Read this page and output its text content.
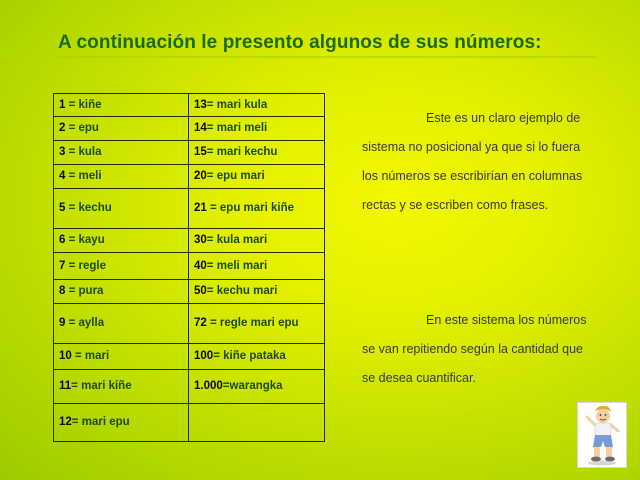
A continuación le presento algunos de sus números:
1 = kiñe	13= mari kula
2 = epu	14= mari meli
3 = kula	15= mari kechu
4 = meli	20= epu mari
5 = kechu	21 = epu mari kiñe
6 = kayu	30= kula mari
7 = regle	40= meli mari
8 = pura	50= kechu mari
9 = aylla	72 = regle mari epu
10 = mari	100= kiñe pataka
11= mari kiñe	1.000=warangka
12= mari epu	
Este es un claro ejemplo de sistema no posicional ya que si lo fuera los números se escribirían en columnas rectas y se escriben como frases.
En este sistema los números se van repitiendo según la cantidad que se desea cuantificar.
